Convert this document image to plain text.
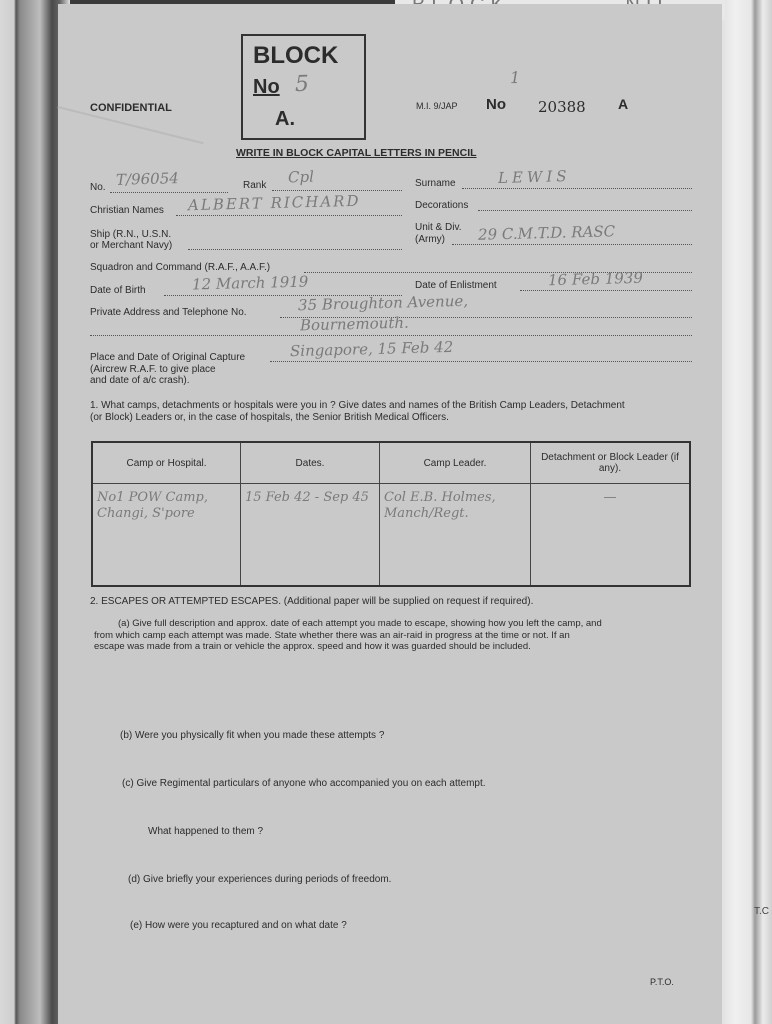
T.C
CONFIDENTIAL
BLOCK
No 5
A.
M.I. 9/JAP No
1
20388 A
WRITE IN BLOCK CAPITAL LETTERS IN PENCIL
No. T/96054	Rank Cpl	Surname	LEWIS
Christian Names ALBERT RICHARD	Decorations
Ship (R.N., U.S.N.
or Merchant Navy)
Unit & Div.
(Army) 29 C.M.T.D. RASC
Squadron and Command (R.A.F., A.A.F.)
Date of Birth	12 March 1919	Date of Enlistment	16 Feb 1939
Private Address and Telephone No.	35 Broughton Avenue,
Bournemouth.
Place and Date of Original Capture
(Aircrew R.A.F. to give place
and date of a/c crash).
Singapore, 15 Feb 42
1. What camps, detachments or hospitals were you in ? Give dates and names of the British Camp Leaders, Detachment
(or Block) Leaders or, in the case of hospitals, the Senior British Medical Officers.
Camp or Hospital.	Dates.	Camp Leader.	Detachment or Block Leader (if any).
No1 POW Camp, Changi, S'pore	15 Feb 42 - Sep 45	Col E.B. Holmes, Manch/Regt.	—
2. ESCAPES OR ATTEMPTED ESCAPES. (Additional paper will be supplied on request if required).
(a) Give full description and approx. date of each attempt you made to escape, showing how you left the camp, and
from which camp each attempt was made. State whether there was an air-raid in progress at the time or not. If an
escape was made from a train or vehicle the approx. speed and how it was guarded should be included.
(b) Were you physically fit when you made these attempts ?
(c) Give Regimental particulars of anyone who accompanied you on each attempt.
What happened to them ?
(d) Give briefly your experiences during periods of freedom.
(e) How were you recaptured and on what date ?
P.T.O.
